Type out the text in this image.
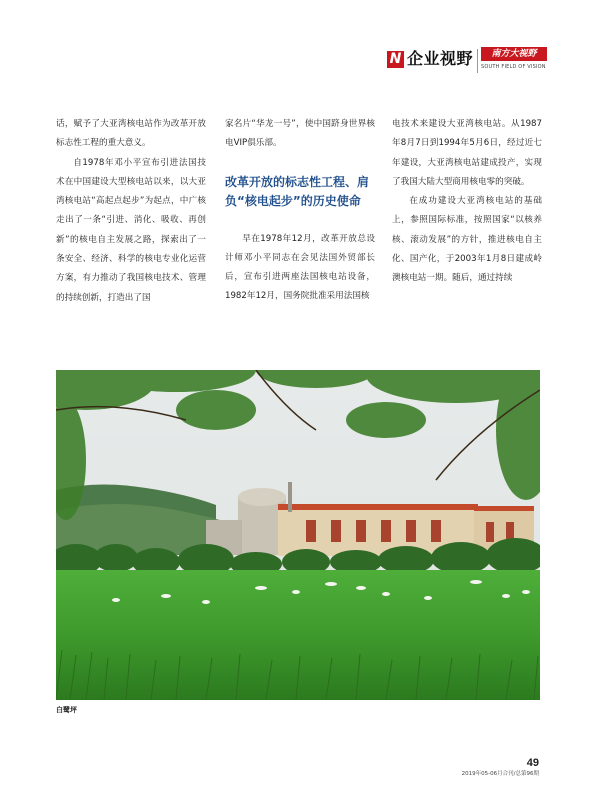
N 企业视野	南方大视野
SOUTH FIELD OF VISION

话，赋予了大亚湾核电站作为改革开放标志性工程的重大意义。

自1978年邓小平宣布引进法国技术在中国建设大型核电站以来，以大亚湾核电站“高起点起步”为起点，中广核走出了一条“引进、消化、吸收、再创新”的核电自主发展之路，探索出了一条安全、经济、科学的核电专业化运营方案，有力推动了我国核电技术、管理的持续创新，打造出了国

家名片“华龙一号”，使中国跻身世界核电VIP俱乐部。

改革开放的标志性工程、肩负“核电起步”的历史使命

早在1978年12月，改革开放总设计师邓小平同志在会见法国外贸部长后，宣布引进两座法国核电站设备，1982年12月，国务院批准采用法国核

电技术来建设大亚湾核电站。从1987年8月7日到1994年5月6日，经过近七年建设，大亚湾核电站建成投产，实现了我国大陆大型商用核电零的突破。

在成功建设大亚湾核电站的基础上，参照国际标准，按照国家“以核养核、滚动发展”的方针，推进核电自主化、国产化，于2003年1月8日建成岭澳核电站一期。随后，通过持续

白鹭坪
49
2019年05-06月合刊/总第96期
